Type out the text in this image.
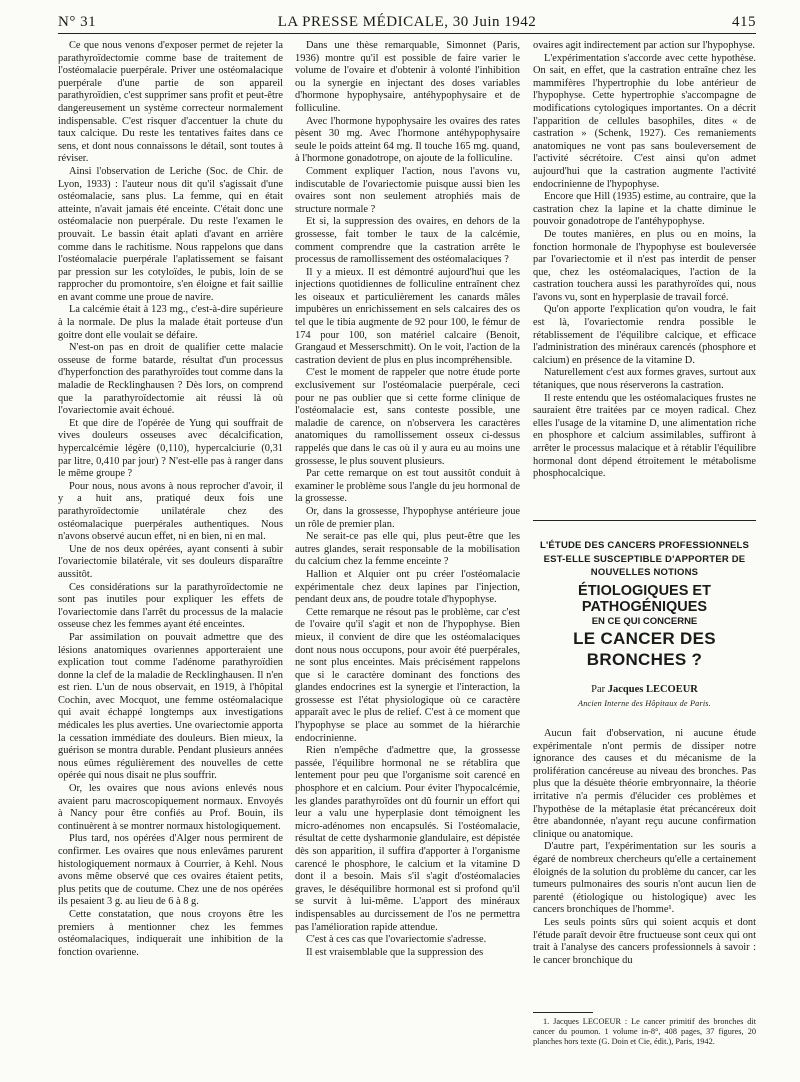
N° 31	LA PRESSE MÉDICALE, 30 Juin 1942	415

Ce que nous venons d'exposer permet de rejeter la parathyroïdectomie comme base de traitement de l'ostéomalacie puerpérale. Priver une ostéomalacique puerpérale d'une partie de son appareil parathyroïdien, c'est supprimer sans profit et peut-être dangereusement un système correcteur normalement indispensable. C'est risquer d'accentuer la chute du taux calcique. Du reste les tentatives faites dans ce sens, et dont nous connaissons le détail, sont toutes à réviser.

Ainsi l'observation de Leriche (Soc. de Chir. de Lyon, 1933) : l'auteur nous dit qu'il s'agissait d'une ostéomalacie, sans plus. La femme, qui en était atteinte, n'avait jamais été enceinte. C'était donc une ostéomalacie non puerpérale. Du reste l'examen le prouvait. Le bassin était aplati d'avant en arrière comme dans le rachitisme. Nous rappelons que dans l'ostéomalacie puerpérale l'aplatissement se faisant par pression sur les cotyloïdes, le pubis, loin de se rapprocher du promontoire, s'en éloigne et fait saillie en avant comme une proue de navire.

La calcémie était à 123 mg., c'est-à-dire supérieure à la normale. De plus la malade était porteuse d'un goitre dont elle voulait se défaire.

N'est-on pas en droit de qualifier cette malacie osseuse de forme batarde, résultat d'un processus d'hyperfonction des parathyroïdes tout comme dans la maladie de Recklinghausen ? Dès lors, on comprend que la parathyroïdectomie ait réussi là où l'ovariectomie avait échoué.

Et que dire de l'opérée de Yung qui souffrait de vives douleurs osseuses avec décalcification, hypercalcémie légère (0,110), hypercalciurie (0,31 par litre, 0,410 par jour) ? N'est-elle pas à ranger dans le même groupe ?

Pour nous, nous avons à nous reprocher d'avoir, il y a huit ans, pratiqué deux fois une parathyroïdectomie unilatérale chez des ostéomalacique puerpérales authentiques. Nous n'avons observé aucun effet, ni en bien, ni en mal.

Une de nos deux opérées, ayant consenti à subir l'ovariectomie bilatérale, vit ses douleurs disparaître aussitôt.

Ces considérations sur la parathyroïdectomie ne sont pas inutiles pour expliquer les effets de l'ovariectomie dans l'arrêt du processus de la malacie osseuse chez les femmes ayant été enceintes.

Par assimilation on pouvait admettre que des lésions anatomiques ovariennes apporteraient une explication tout comme l'adénome parathyroïdien donne la clef de la maladie de Recklinghausen. Il n'en est rien. L'un de nous observait, en 1919, à l'hôpital Cochin, avec Mocquot, une femme ostéomalacique qui avait échappé longtemps aux investigations médicales les plus averties. Une ovariectomie apporta la cessation immédiate des douleurs. Bien mieux, la guérison se montra durable. Pendant plusieurs années nous eûmes régulièrement des nouvelles de cette opérée qui nous disait ne plus souffrir.

Or, les ovaires que nous avions enlevés nous avaient paru macroscopiquement normaux. Envoyés à Nancy pour être confiés au Prof. Bouin, ils continuèrent à se montrer normaux histologiquement.

Plus tard, nos opérées d'Alger nous permirent de confirmer. Les ovaires que nous enlevâmes parurent histologiquement normaux à Courrier, à Kehl. Nous avons même observé que ces ovaires étaient petits, plus petits que de coutume. Chez une de nos opérées ils pesaient 3 g. au lieu de 6 à 8 g.

Cette constatation, que nous croyons être les premiers à mentionner chez les femmes ostéomalaciques, indiquerait une inhibition de la fonction ovarienne.

Dans une thèse remarquable, Simonnet (Paris, 1936) montre qu'il est possible de faire varier le volume de l'ovaire et d'obtenir à volonté l'inhibition ou la synergie en injectant des doses variables d'hormone hypophysaire, antéhypophysaire et de folliculine.

Avec l'hormone hypophysaire les ovaires des rates pèsent 30 mg. Avec l'hormone antéhypophysaire seule le poids atteint 64 mg. Il touche 165 mg. quand, à l'hormone gonadotrope, on ajoute de la folliculine.

Comment expliquer l'action, nous l'avons vu, indiscutable de l'ovariectomie puisque aussi bien les ovaires sont non seulement atrophiés mais de structure normale ?

Et si, la suppression des ovaires, en dehors de la grossesse, fait tomber le taux de la calcémie, comment comprendre que la castration arrête le processus de ramollissement des ostéomalaciques ?

Il y a mieux. Il est démontré aujourd'hui que les injections quotidiennes de folliculine entraînent chez les oiseaux et particulièrement les canards mâles impubères un enrichissement en sels calcaires des os tel que le tibia augmente de 92 pour 100, le fémur de 174 pour 100, son matériel calcaire (Benoit, Grangaud et Messerschmitt). On le voit, l'action de la castration devient de plus en plus incompréhensible.

C'est le moment de rappeler que notre étude porte exclusivement sur l'ostéomalacie puerpérale, ceci pour ne pas oublier que si cette forme clinique de l'ostéomalacie est, sans conteste possible, une maladie de carence, on n'observera les caractères anatomiques du ramollissement osseux ci-dessus rappelés que dans le cas où il y aura eu au moins une grossesse, le plus souvent plusieurs.

Par cette remarque on est tout aussitôt conduit à examiner le problème sous l'angle du jeu hormonal de la grossesse.

Or, dans la grossesse, l'hypophyse antérieure joue un rôle de premier plan.

Ne serait-ce pas elle qui, plus peut-être que les autres glandes, serait responsable de la mobilisation du calcium chez la femme enceinte ?

Hallion et Alquier ont pu créer l'ostéomalacie expérimentale chez deux lapines par l'injection, pendant deux ans, de poudre totale d'hypophyse.

Cette remarque ne résout pas le problème, car c'est de l'ovaire qu'il s'agit et non de l'hypophyse. Bien mieux, il convient de dire que les ostéomalaciques dont nous nous occupons, pour avoir été puerpérales, ne sont plus enceintes. Mais précisément rappelons que si le caractère dominant des fonctions des glandes endocrines est la synergie et l'interaction, la grossesse est l'état physiologique où ce caractère apparaît avec le plus de relief. C'est à ce moment que l'hypophyse se place au sommet de la hiérarchie endocrinienne.

Rien n'empêche d'admettre que, la grossesse passée, l'équilibre hormonal ne se rétablira que lentement pour peu que l'organisme soit carencé en phosphore et en calcium. Pour éviter l'hypocalcémie, les glandes parathyroïdes ont dû fournir un effort qui leur a valu une hyperplasie dont témoignent les micro-adénomes non encapsulés. Si l'ostéomalacie, résultat de cette dysharmonie glandulaire, est dépistée dès son apparition, il suffira d'apporter à l'organisme carencé le phosphore, le calcium et la vitamine D dont il a besoin. Mais s'il s'agit d'ostéomalacies graves, le déséquilibre hormonal est si profond qu'il se survit à lui-même. L'apport des minéraux indispensables au durcissement de l'os ne permettra pas l'amélioration rapide attendue.

C'est à ces cas que l'ovariectomie s'adresse.

Il est vraisemblable que la suppression des

ovaires agit indirectement par action sur l'hypophyse.

L'expérimentation s'accorde avec cette hypothèse. On sait, en effet, que la castration entraîne chez les mammifères l'hypertrophie du lobe antérieur de l'hypophyse. Cette hypertrophie s'accompagne de modifications cytologiques importantes. On a décrit l'apparition de cellules basophiles, dites « de castration » (Schenk, 1927). Ces remaniements anatomiques ne vont pas sans bouleversement de l'activité sécrétoire. C'est ainsi qu'on admet aujourd'hui que la castration augmente l'activité endocrinienne de l'hypophyse.

Encore que Hill (1935) estime, au contraire, que la castration chez la lapine et la chatte diminue le pouvoir gonadotrope de l'antéhypophyse.

De toutes manières, en plus ou en moins, la fonction hormonale de l'hypophyse est bouleversée par l'ovariectomie et il n'est pas interdit de penser que, chez les ostéomalaciques, l'action de la castration touchera aussi les parathyroïdes qui, nous l'avons vu, sont en hyperplasie de travail forcé.

Qu'on apporte l'explication qu'on voudra, le fait est là, l'ovariectomie rendra possible le rétablissement de l'équilibre calcique, et efficace l'administration des minéraux carencés (phosphore et calcium) en présence de la vitamine D.

Naturellement c'est aux formes graves, surtout aux tétaniques, que nous réserverons la castration.

Il reste entendu que les ostéomalaciques frustes ne sauraient être traitées par ce moyen radical. Chez elles l'usage de la vitamine D, une alimentation riche en phosphore et calcium assimilables, suffiront à arrêter le processus malacique et à rétablir l'équilibre hormonal dont dépend étroitement le métabolisme phosphocalcique.

L'ÉTUDE DES CANCERS PROFESSIONNELS EST-ELLE SUSCEPTIBLE D'APPORTER DE NOUVELLES NOTIONS
ÉTIOLOGIQUES ET PATHOGÉNIQUES
EN CE QUI CONCERNE
LE CANCER DES BRONCHES ?
Par Jacques LECOEUR
Ancien Interne des Hôpitaux de Paris.

Aucun fait d'observation, ni aucune étude expérimentale n'ont permis de dissiper notre ignorance des causes et du mécanisme de la prolifération cancéreuse au niveau des bronches. Pas plus que la désuète théorie embryonnaire, la théorie irritative n'a permis d'élucider ces problèmes et l'hypothèse de la métaplasie état précancéreux doit être abandonnée, n'ayant reçu aucune confirmation clinique ou anatomique.

D'autre part, l'expérimentation sur les souris a égaré de nombreux chercheurs qu'elle a certainement éloignés de la solution du problème du cancer, car les tumeurs pulmonaires des souris n'ont aucun lien de parenté (étiologique ou histologique) avec les cancers bronchiques de l'homme¹.

Les seuls points sûrs qui soient acquis et dont l'étude paraît devoir être fructueuse sont ceux qui ont trait à l'analyse des cancers professionnels à savoir : le cancer bronchique du

1. Jacques LECOEUR : Le cancer primitif des bronches dit cancer du poumon. 1 volume in-8°, 408 pages, 37 figures, 20 planches hors texte (G. Doin et Cie, édit.), Paris, 1942.
